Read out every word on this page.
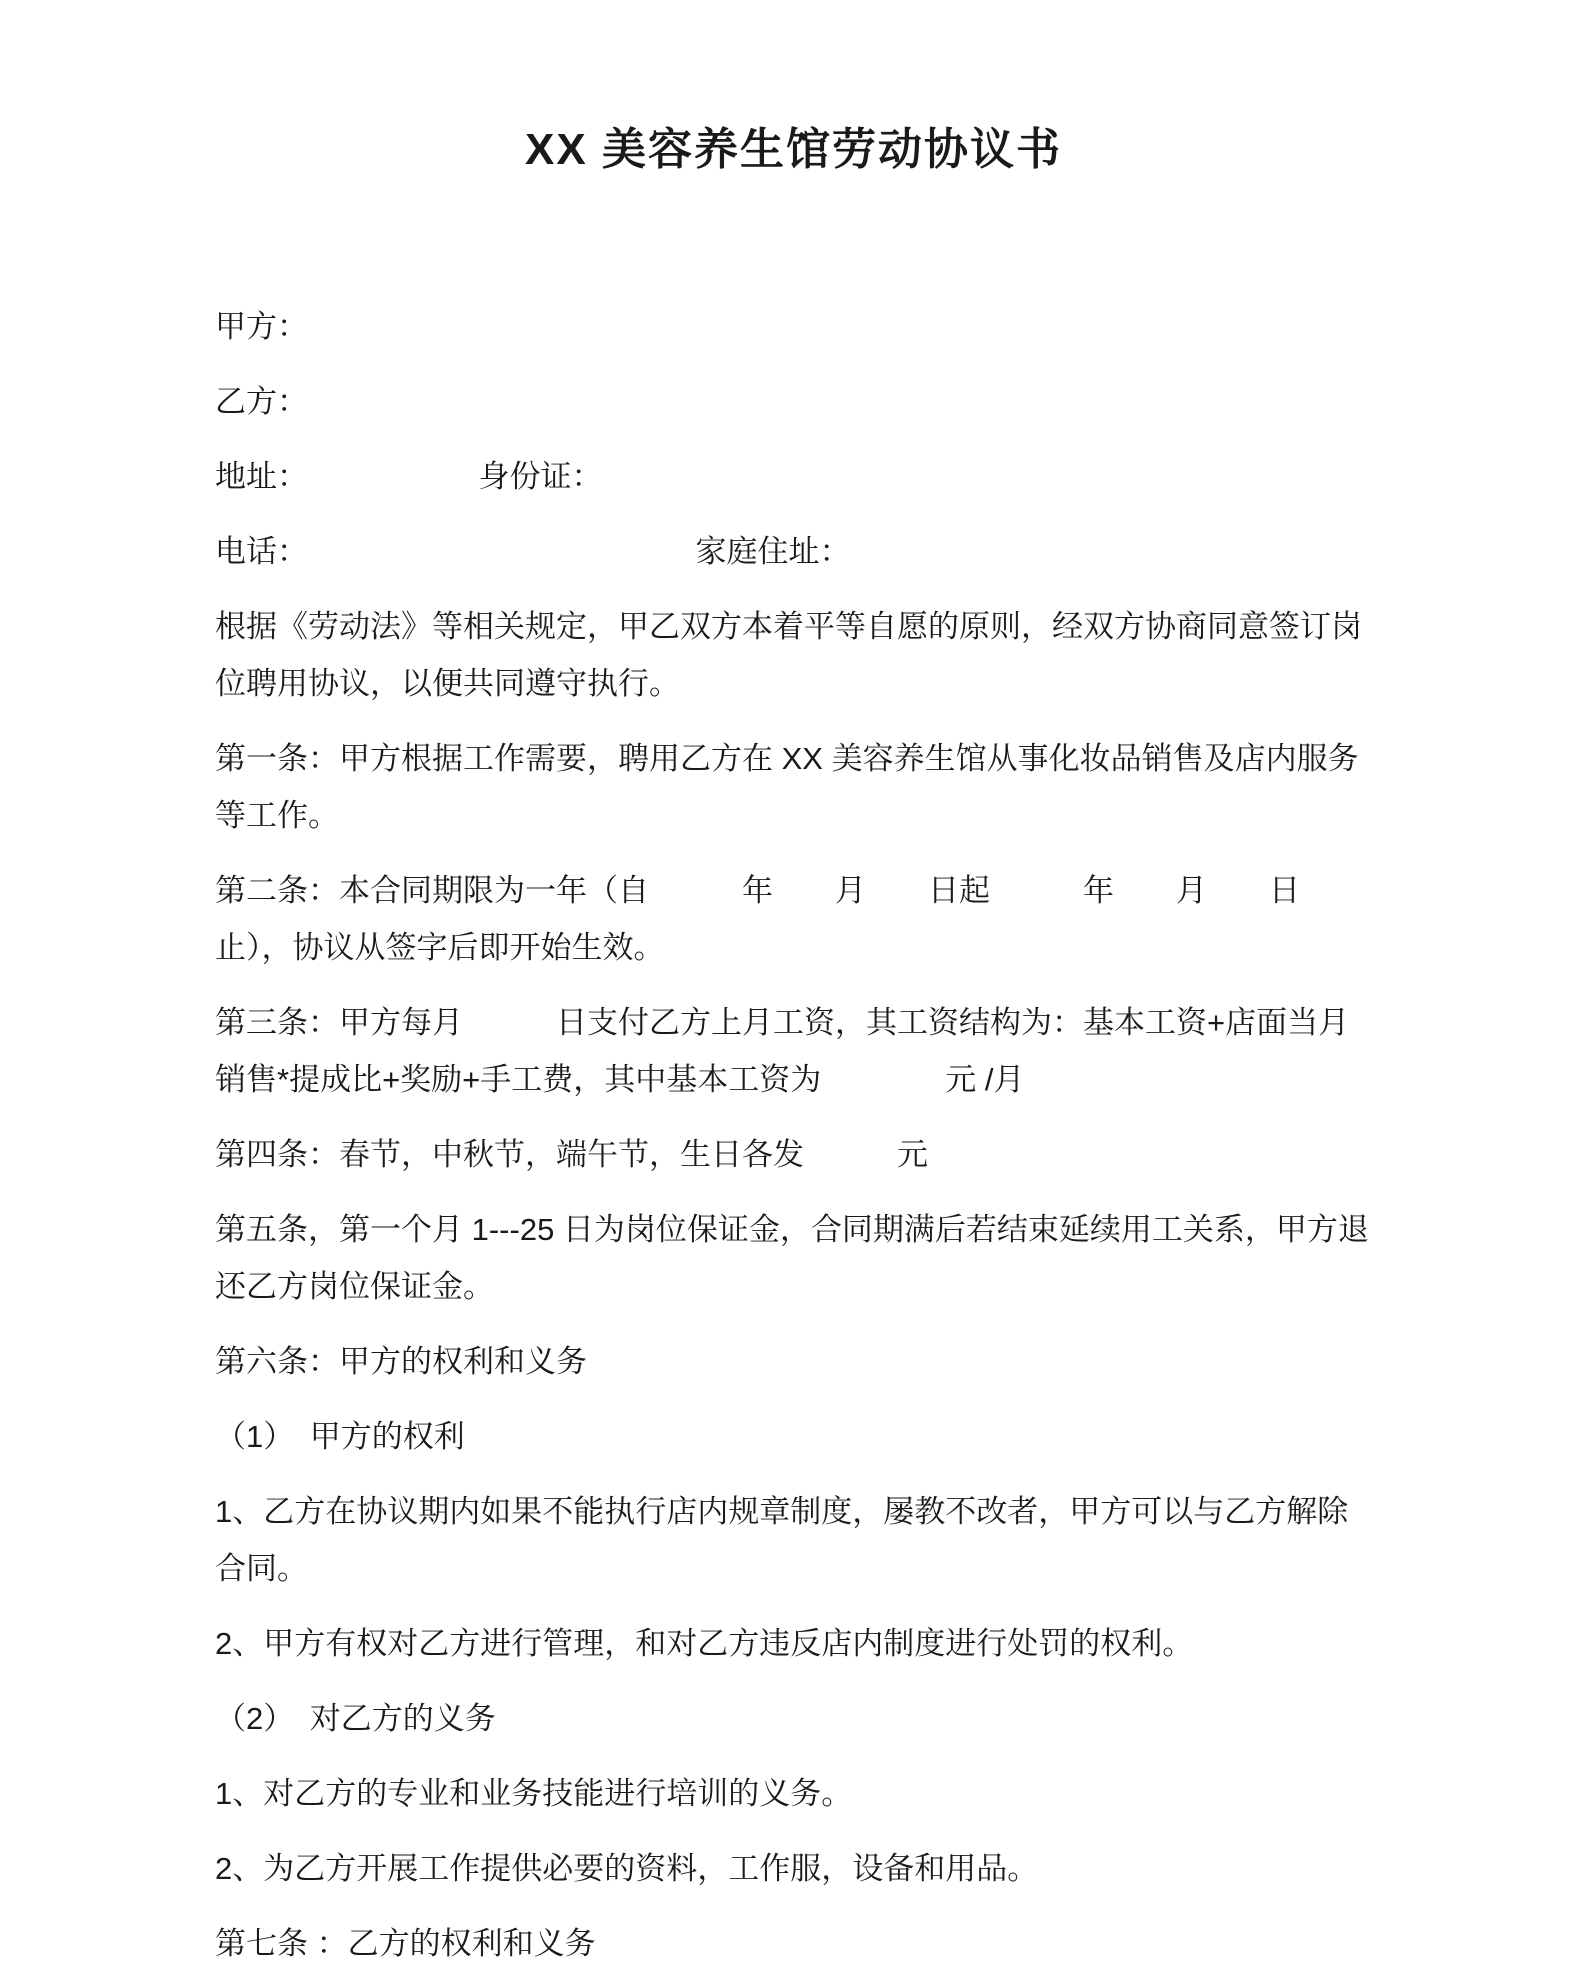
XX 美容养生馆劳动协议书

甲方：

乙方：

地址：　　　　　　身份证：

电话：　　　　　　　　　　　　　家庭住址：

根据《劳动法》等相关规定，甲乙双方本着平等自愿的原则，经双方协商同意签订岗位聘用协议，以便共同遵守执行。

第一条：甲方根据工作需要，聘用乙方在 XX 美容养生馆从事化妆品销售及店内服务等工作。

第二条：本合同期限为一年（自　　　年　　月　　日起　　　年　　月　　日止），协议从签字后即开始生效。

第三条：甲方每月　　　日支付乙方上月工资，其工资结构为：基本工资+店面当月销售*提成比+奖励+手工费，其中基本工资为　　　　元 /月

第四条：春节，中秋节，端午节，生日各发　　　元

第五条，第一个月 1---25 日为岗位保证金，合同期满后若结束延续用工关系，甲方退还乙方岗位保证金。

第六条：甲方的权利和义务

（1）　甲方的权利

1、乙方在协议期内如果不能执行店内规章制度，屡教不改者，甲方可以与乙方解除合同。

2、甲方有权对乙方进行管理，和对乙方违反店内制度进行处罚的权利。

（2）　对乙方的义务

1、对乙方的专业和业务技能进行培训的义务。

2、为乙方开展工作提供必要的资料，工作服，设备和用品。

第七条 ：乙方的权利和义务
